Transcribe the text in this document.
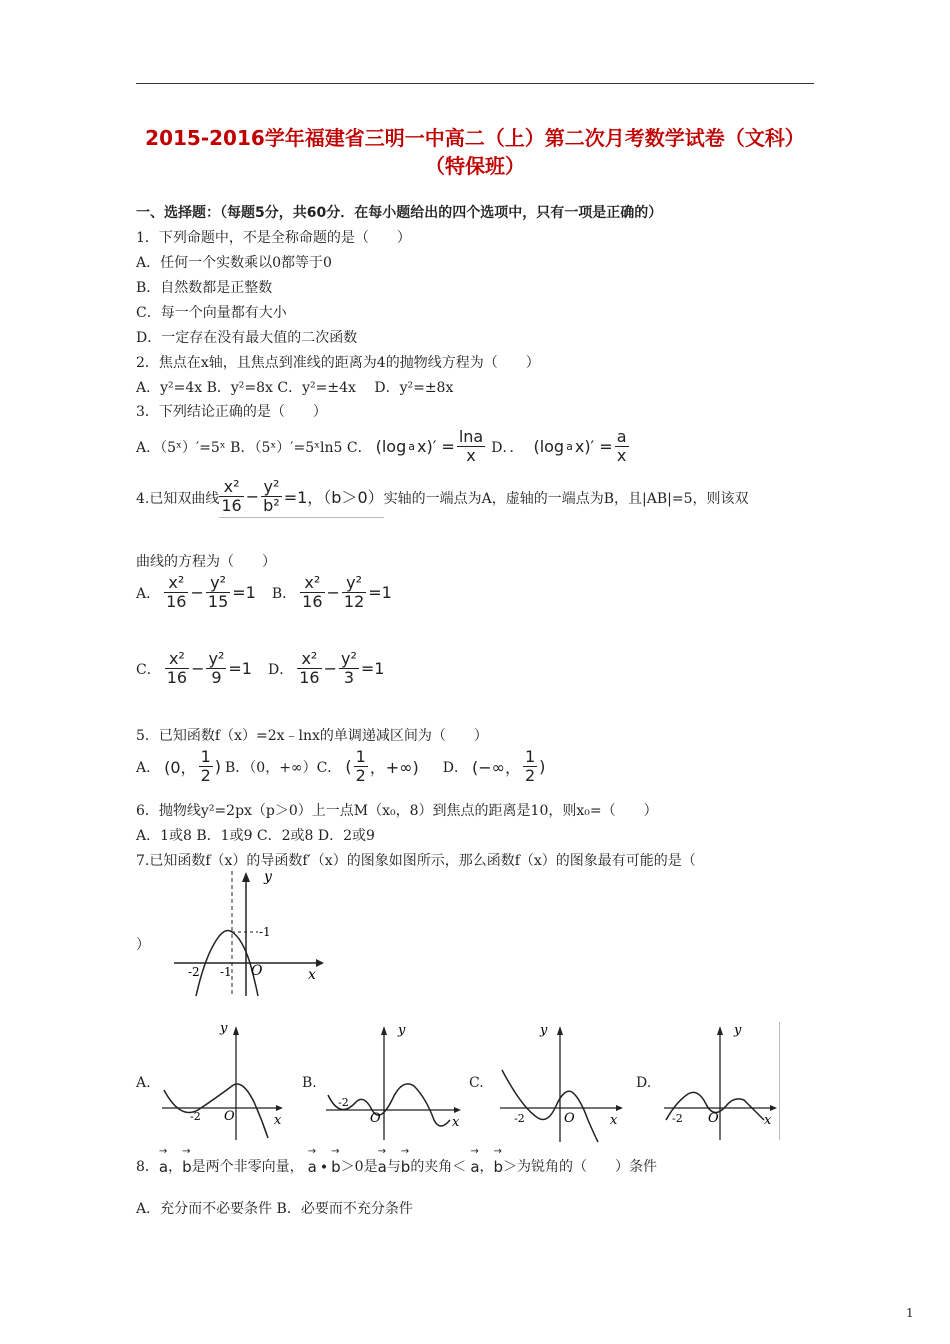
2015-2016学年福建省三明一中高二（上）第二次月考数学试卷（文科）
（特保班）
一、选择题：（每题5分，共60分．在每小题给出的四个选项中，只有一项是正确的）
1．下列命题中，不是全称命题的是（　　）
A．任何一个实数乘以0都等于0
B．自然数都是正整数
C．每一个向量都有大小
D．一定存在没有最大值的二次函数
2．焦点在x轴，且焦点到准线的距离为4的抛物线方程为（　　）
A．y²=4x B．y²=8x C．y²=±4x　 D．y²=±8x
3．下列结论正确的是（　　）
A．（5ˣ）′=5ˣ B．（5ˣ）′=5ˣln5 C． (log a $x)' = \frac{\ln a}{x}$ D．． (log a $x)' = \frac{a}{x}$
4.已知双曲线 $\frac{\text{x²}}{16} - \frac{\text{y²}}{\text{b²}} =1$，（b＞0） 实轴的一端点为A，虚轴的一端点为B，且|AB|=5，则该双
曲线的方程为（　　）
A． $\frac{\text{x²}}{16} - \frac{\text{y²}}{15} =1$ B． $\frac{\text{x²}}{16} - \frac{\text{y²}}{12} =1$
C． $\frac{\text{x²}}{16} - \frac{\text{y²}}{9} =1$ D． $\frac{\text{x²}}{16} - \frac{\text{y²}}{3} =1$
5．已知函数f（x）=2x﹣lnx的单调递减区间为（　　）
A． (0， $\frac{1}{2}$ ) B．（0，+∞）C． ( $\frac{1}{2}$ ，+∞) D． (−∞， $\frac{1}{2}$ )
6．抛物线y²=2px（p＞0）上一点M（x₀，8）到焦点的距离是10，则x₀=（　　）
A．1或8 B．1或9 C．2或8 D．2或9
7.已知函数f（x）的导函数f′（x）的图象如图所示，那么函数f（x）的图象最有可能的是（
）
y
x
O
-1
-1
-2
A.	B.	C.	D.
y
x
O
-2
y
x
O
-2
y
x
O
-2
y
x
O
-2
8．
→
a ，
→
b 是两个非零向量，
→
a •
→
b ＞0是
→
a 与
→
b 的夹角＜
→
a ，
→
b ＞为锐角的（　　）条件
A．充分而不必要条件 B．必要而不充分条件
1
